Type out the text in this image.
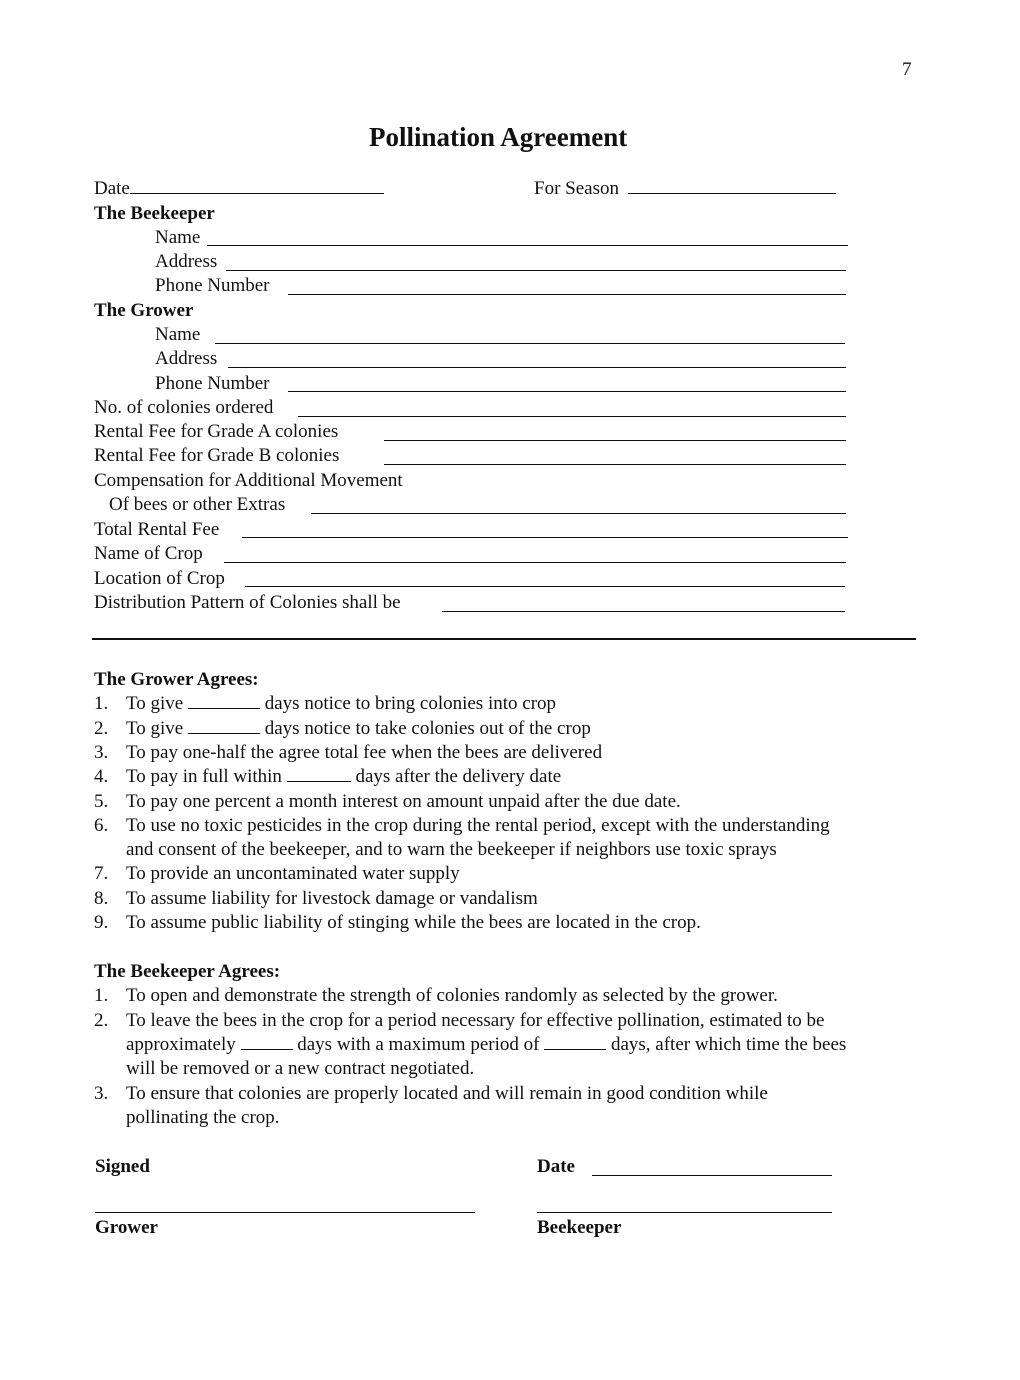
7
Pollination Agreement
Date	For Season
The Beekeeper
Name
Address
Phone Number
The Grower
Name
Address
Phone Number
No. of colonies ordered
Rental Fee for Grade A colonies
Rental Fee for Grade B colonies
Compensation for Additional Movement
Of bees or other Extras
Total Rental Fee
Name of Crop
Location of Crop
Distribution Pattern of Colonies shall be
The Grower Agrees:
1. To give	days notice to bring colonies into crop
2. To give	days notice to take colonies out of the crop
3. To pay one-half the agree total fee when the bees are delivered
4. To pay in full within	days after the delivery date
5. To pay one percent a month interest on amount unpaid after the due date.
6. To use no toxic pesticides in the crop during the rental period, except with the understanding
and consent of the beekeeper, and to warn the beekeeper if neighbors use toxic sprays
7. To provide an uncontaminated water supply
8. To assume liability for livestock damage or vandalism
9. To assume public liability of stinging while the bees are located in the crop.
The Beekeeper Agrees:
1. To open and demonstrate the strength of colonies randomly as selected by the grower.
2. To leave the bees in the crop for a period necessary for effective pollination, estimated to be
approximately	days with a maximum period of	days, after which time the bees
will be removed or a new contract negotiated.
3. To ensure that colonies are properly located and will remain in good condition while
pollinating the crop.
Signed	Date
Grower	Beekeeper
